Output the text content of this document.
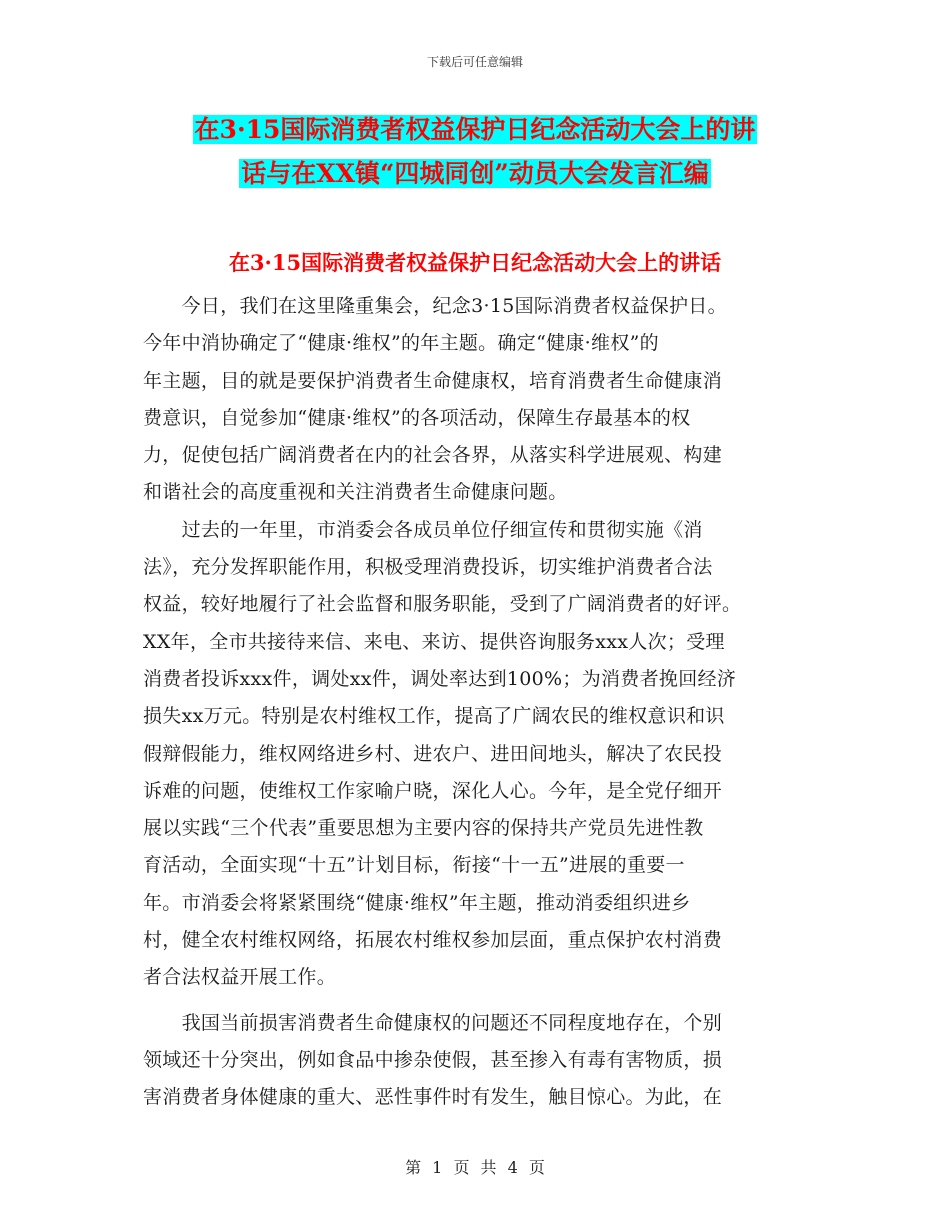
下载后可任意编辑
在3·15国际消费者权益保护日纪念活动大会上的讲
话与在XX镇“四城同创”动员大会发言汇编
在3·15国际消费者权益保护日纪念活动大会上的讲话
　　今日，我们在这里隆重集会，纪念3·15国际消费者权益保护日。
今年中消协确定了“健康·维权”的年主题。确定“健康·维权”的
年主题，目的就是要保护消费者生命健康权，培育消费者生命健康消
费意识，自觉参加“健康·维权”的各项活动，保障生存最基本的权
力，促使包括广阔消费者在内的社会各界，从落实科学进展观、构建
和谐社会的高度重视和关注消费者生命健康问题。
　　过去的一年里，市消委会各成员单位仔细宣传和贯彻实施《消
法》，充分发挥职能作用，积极受理消费投诉，切实维护消费者合法
权益，较好地履行了社会监督和服务职能，受到了广阔消费者的好评。
XX年，全市共接待来信、来电、来访、提供咨询服务xxx人次；受理
消费者投诉xxx件，调处xx件，调处率达到100%；为消费者挽回经济
损失xx万元。特别是农村维权工作，提高了广阔农民的维权意识和识
假辩假能力，维权网络进乡村、进农户、进田间地头，解决了农民投
诉难的问题，使维权工作家喻户晓，深化人心。今年，是全党仔细开
展以实践“三个代表”重要思想为主要内容的保持共产党员先进性教
育活动，全面实现“十五”计划目标，衔接“十一五”进展的重要一
年。市消委会将紧紧围绕“健康·维权”年主题，推动消委组织进乡
村，健全农村维权网络，拓展农村维权参加层面，重点保护农村消费
者合法权益开展工作。
　　我国当前损害消费者生命健康权的问题还不同程度地存在，个别
领域还十分突出，例如食品中掺杂使假，甚至掺入有毒有害物质，损
害消费者身体健康的重大、恶性事件时有发生，触目惊心。为此，在
第 1 页 共 4 页
